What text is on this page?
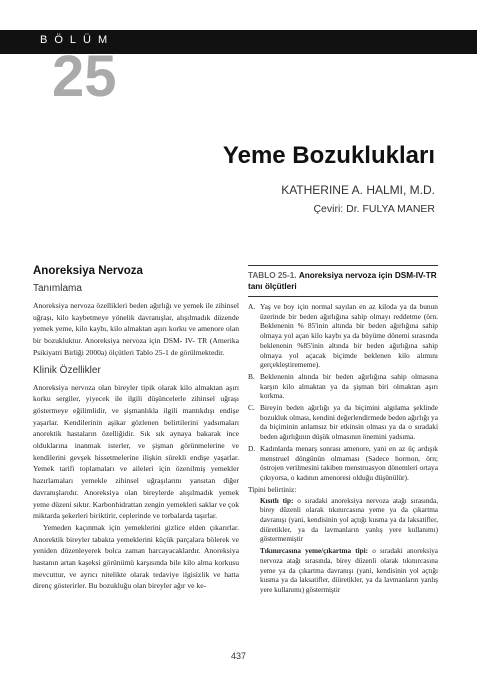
BÖLÜM
25
Yeme Bozuklukları
KATHERINE A. HALMI, M.D.
Çeviri: Dr. FULYA MANER
Anoreksiya Nervoza
Tanımlama

Anoreksiya nervoza özellikleri beden ağırlığı ve yemek ile zihinsel uğraşı, kilo kaybetmeye yönelik davranışlar, alışılmadık düzende yemek yeme, kilo kaybı, kilo almaktan aşırı korku ve amenore olan bir bozukluktur. Anoreksiya nervoza için DSM- IV- TR (Amerika Psikiyatri Birliği 2000a) ölçütleri Tablo 25-1 de görülmektedir.

Klinik Özellikler

Anoreksiya nervoza olan bireyler tipik olarak kilo almaktan aşırı korku sergiler, yiyecek ile ilgili düşüncelerle zihinsel uğraşı göstermeye eğilimlidir, ve şişmanlıkla ilgili mantıkdışı endişe yaşarlar. Kendilerinin aşikar gözlenen belirtilerini yadsımaları anorektik hastaların özelliğidir. Sık sık aynaya bakarak ince olduklarına inanmak isterler, ve şişman görünmelerine ve kendilerini gevşek hissetmelerine ilişkin sürekli endişe yaşarlar. Yemek tarifi toplamaları ve aileleri için özenilmiş yemekler hazırlamaları yemekle zihinsel uğraşılarını yansıtan diğer davranışlarıdır. Anoreksiya olan bireylerde alışılmadık yemek yeme düzeni sıktır. Karbonhidrattan zengin yemekleri saklar ve çok miktarda şekerleri biriktirir, ceplerinde ve torbalarda taşırlar.

Yemeden kaçınmak için yemeklerini gizlice elden çıkarırlar. Anorektik bireyler tabakta yemeklerini küçük parçalara bölerek ve yeniden düzenleyerek bolca zaman harcayacaklardır. Anoreksiya hastanın artan kaşeksi görünümü karşısında bile kilo alma korkusu mevcuttur, ve ayrıcı nitelikte olarak tedaviye ilgisizlik ve hatta direnç gösterirler. Bu bozukluğu olan bireyler ağır ve ke-

TABLO 25-1. Anoreksiya nervoza için DSM-IV-TR tanı ölçütleri
A. Yaş ve boy için normal sayılan en az kiloda ya da bunun üzerinde bir beden ağırlığına sahip olmayı reddetme (örn. Beklenenin % 85'inin altında bir beden ağırlığına sahip olmaya yol açan kilo kaybı ya da büyüme dönemi sırasında beklenenin %85'inin altında bir beden ağırlığına sahip olmaya yol açacak biçimde beklenen kilo alımını gerçekleştirememe).
B. Beklenenin altında bir beden ağırlığına sahip olmasına karşın kilo almaktan ya da şişman biri olmaktan aşırı korkma.
C. Bireyin beden ağırlığı ya da biçimini algılama şeklinde bozukluk olması, kendini değerlendirmede beden ağırlığı ya da biçiminin anlamsız bir etkinsin olması ya da o sıradaki beden ağırlığının düşük olmasının önemini yadsıma.
D. Kadınlarda menarş sonrası amenore, yani en az üç ardışık menstruel döngünün olmaması (Sadece hormon, örn; östrojen verilmesini takiben menstruasyon dönemleri ortaya çıkıyorsa, o kadının amenoresi olduğu düşünülür).
Tipini belirtiniz:
Kısıtlı tip: o sıradaki anoreksiya nervoza atağı sırasında, birey düzenli olarak tıkınırcasına yeme ya da çıkartma davranışı (yani, kendisinin yol açtığı kusma ya da laksatifler, diüretikler, ya da lavmanların yanlış yere kullanımı) göstermemiştir
Tıkınırcasına yeme/çıkartma tipi: o sıradaki anoreksiya nervoza atağı sırasında, birey düzenli olarak tıkınırcasına yeme ya da çıkartma davranışı (yani, kendisinin yol açtığı kusma ya da laksatifler, diüretikler, ya da lavmanların yanlış yere kullanımı) göstermiştir
437
